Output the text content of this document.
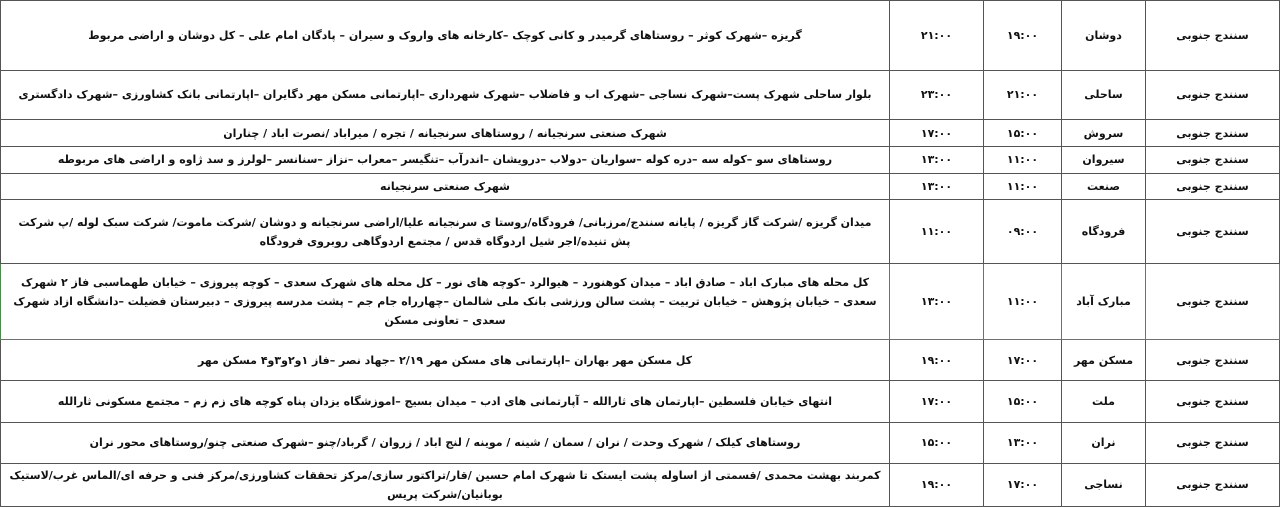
سنندج جنوبی	دوشان	۱۹:۰۰	۲۱:۰۰	گریزه –شهرک کوثر – روستاهای گرمیدر و کانی کوچک –کارخانه های واروک و سیران – پادگان امام علی – کل دوشان و اراضی مربوط
سنندج جنوبی	ساحلی	۲۱:۰۰	۲۳:۰۰	بلوار ساحلی شهرک پست–شهرک نساجی –شهرک اب و فاضلاب –شهرک شهرداری –اپارتمانی مسکن مهر دگایران –اپارتمانی بانک کشاورزی –شهرک دادگستری
سنندج جنوبی	سروش	۱۵:۰۰	۱۷:۰۰	شهرک صنعتی سرنجیانه / روستاهای سرنجیانه / تجره / میراباد /نصرت اباد / چناران
سنندج جنوبی	سیروان	۱۱:۰۰	۱۳:۰۰	روستاهای سو –کوله سه –دره کوله –سواریان –دولاب –درویشان –اندرآب –تنگیسر –معراب –نزاز –سنانسر –لولرز و سد ژاوه و اراضی های مربوطه
سنندج جنوبی	صنعت	۱۱:۰۰	۱۳:۰۰	شهرک صنعتی سرنجیانه
سنندج جنوبی	فرودگاه	۰۹:۰۰	۱۱:۰۰	میدان گریزه /شرکت گاز گریزه / پایانه سنندج/مرزبانی/ فرودگاه/روستا ی سرنجیانه علیا/اراضی سرنجیانه و دوشان /شرکت ماموت/ شرکت سبک لوله /پ شرکت پش تنیده/اجر شیل اردوگاه قدس / مجتمع اردوگاهی روبروی فرودگاه
سنندج جنوبی	مبارک آباد	۱۱:۰۰	۱۳:۰۰	کل محله های مبارک اباد – صادق اباد – میدان کوهنورد – هیوالرد –کوچه های نور – کل محله های شهرک سعدی – کوچه پیروزی – خیابان طهماسبی فاز ۲ شهرک سعدی – خیابان پژوهش – خیابان تربیت – پشت سالن ورزشی بانک ملی شالمان –چهارراه جام جم – پشت مدرسه پیروزی – دبیرستان فضیلت –دانشگاه ازاد شهرک سعدی – تعاونی مسکن
سنندج جنوبی	مسکن مهر	۱۷:۰۰	۱۹:۰۰	کل مسکن مهر بهاران –اپارتمانی های مسکن مهر ۲/۱۹ –جهاد نصر –فاز ۱و۲و۳و۴ مسکن مهر
سنندج جنوبی	ملت	۱۵:۰۰	۱۷:۰۰	انتهای خیابان فلسطین –اپارتمان های ثارالله – آپارتمانی های ادب – میدان بسیج –اموزشگاه یزدان پناه کوچه های زم زم – مجتمع مسکونی ثارالله
سنندج جنوبی	نران	۱۳:۰۰	۱۵:۰۰	روستاهای کیلک / شهرک وحدت / نران / سمان / شینه / موینه / لنج اباد / زروان / گرباد/چنو –شهرک صنعتی چنو/روستاهای محور نران
سنندج جنوبی	نساجی	۱۷:۰۰	۱۹:۰۰	کمربند بهشت محمدی /قسمتی از اساوله پشت ایستک تا شهرک امام حسین /قار/تراکتور سازی/مرکز تحققات کشاورزی/مرکز فنی و حرفه ای/الماس غرب/لاستیک بوبانیان/شرکت پریس
